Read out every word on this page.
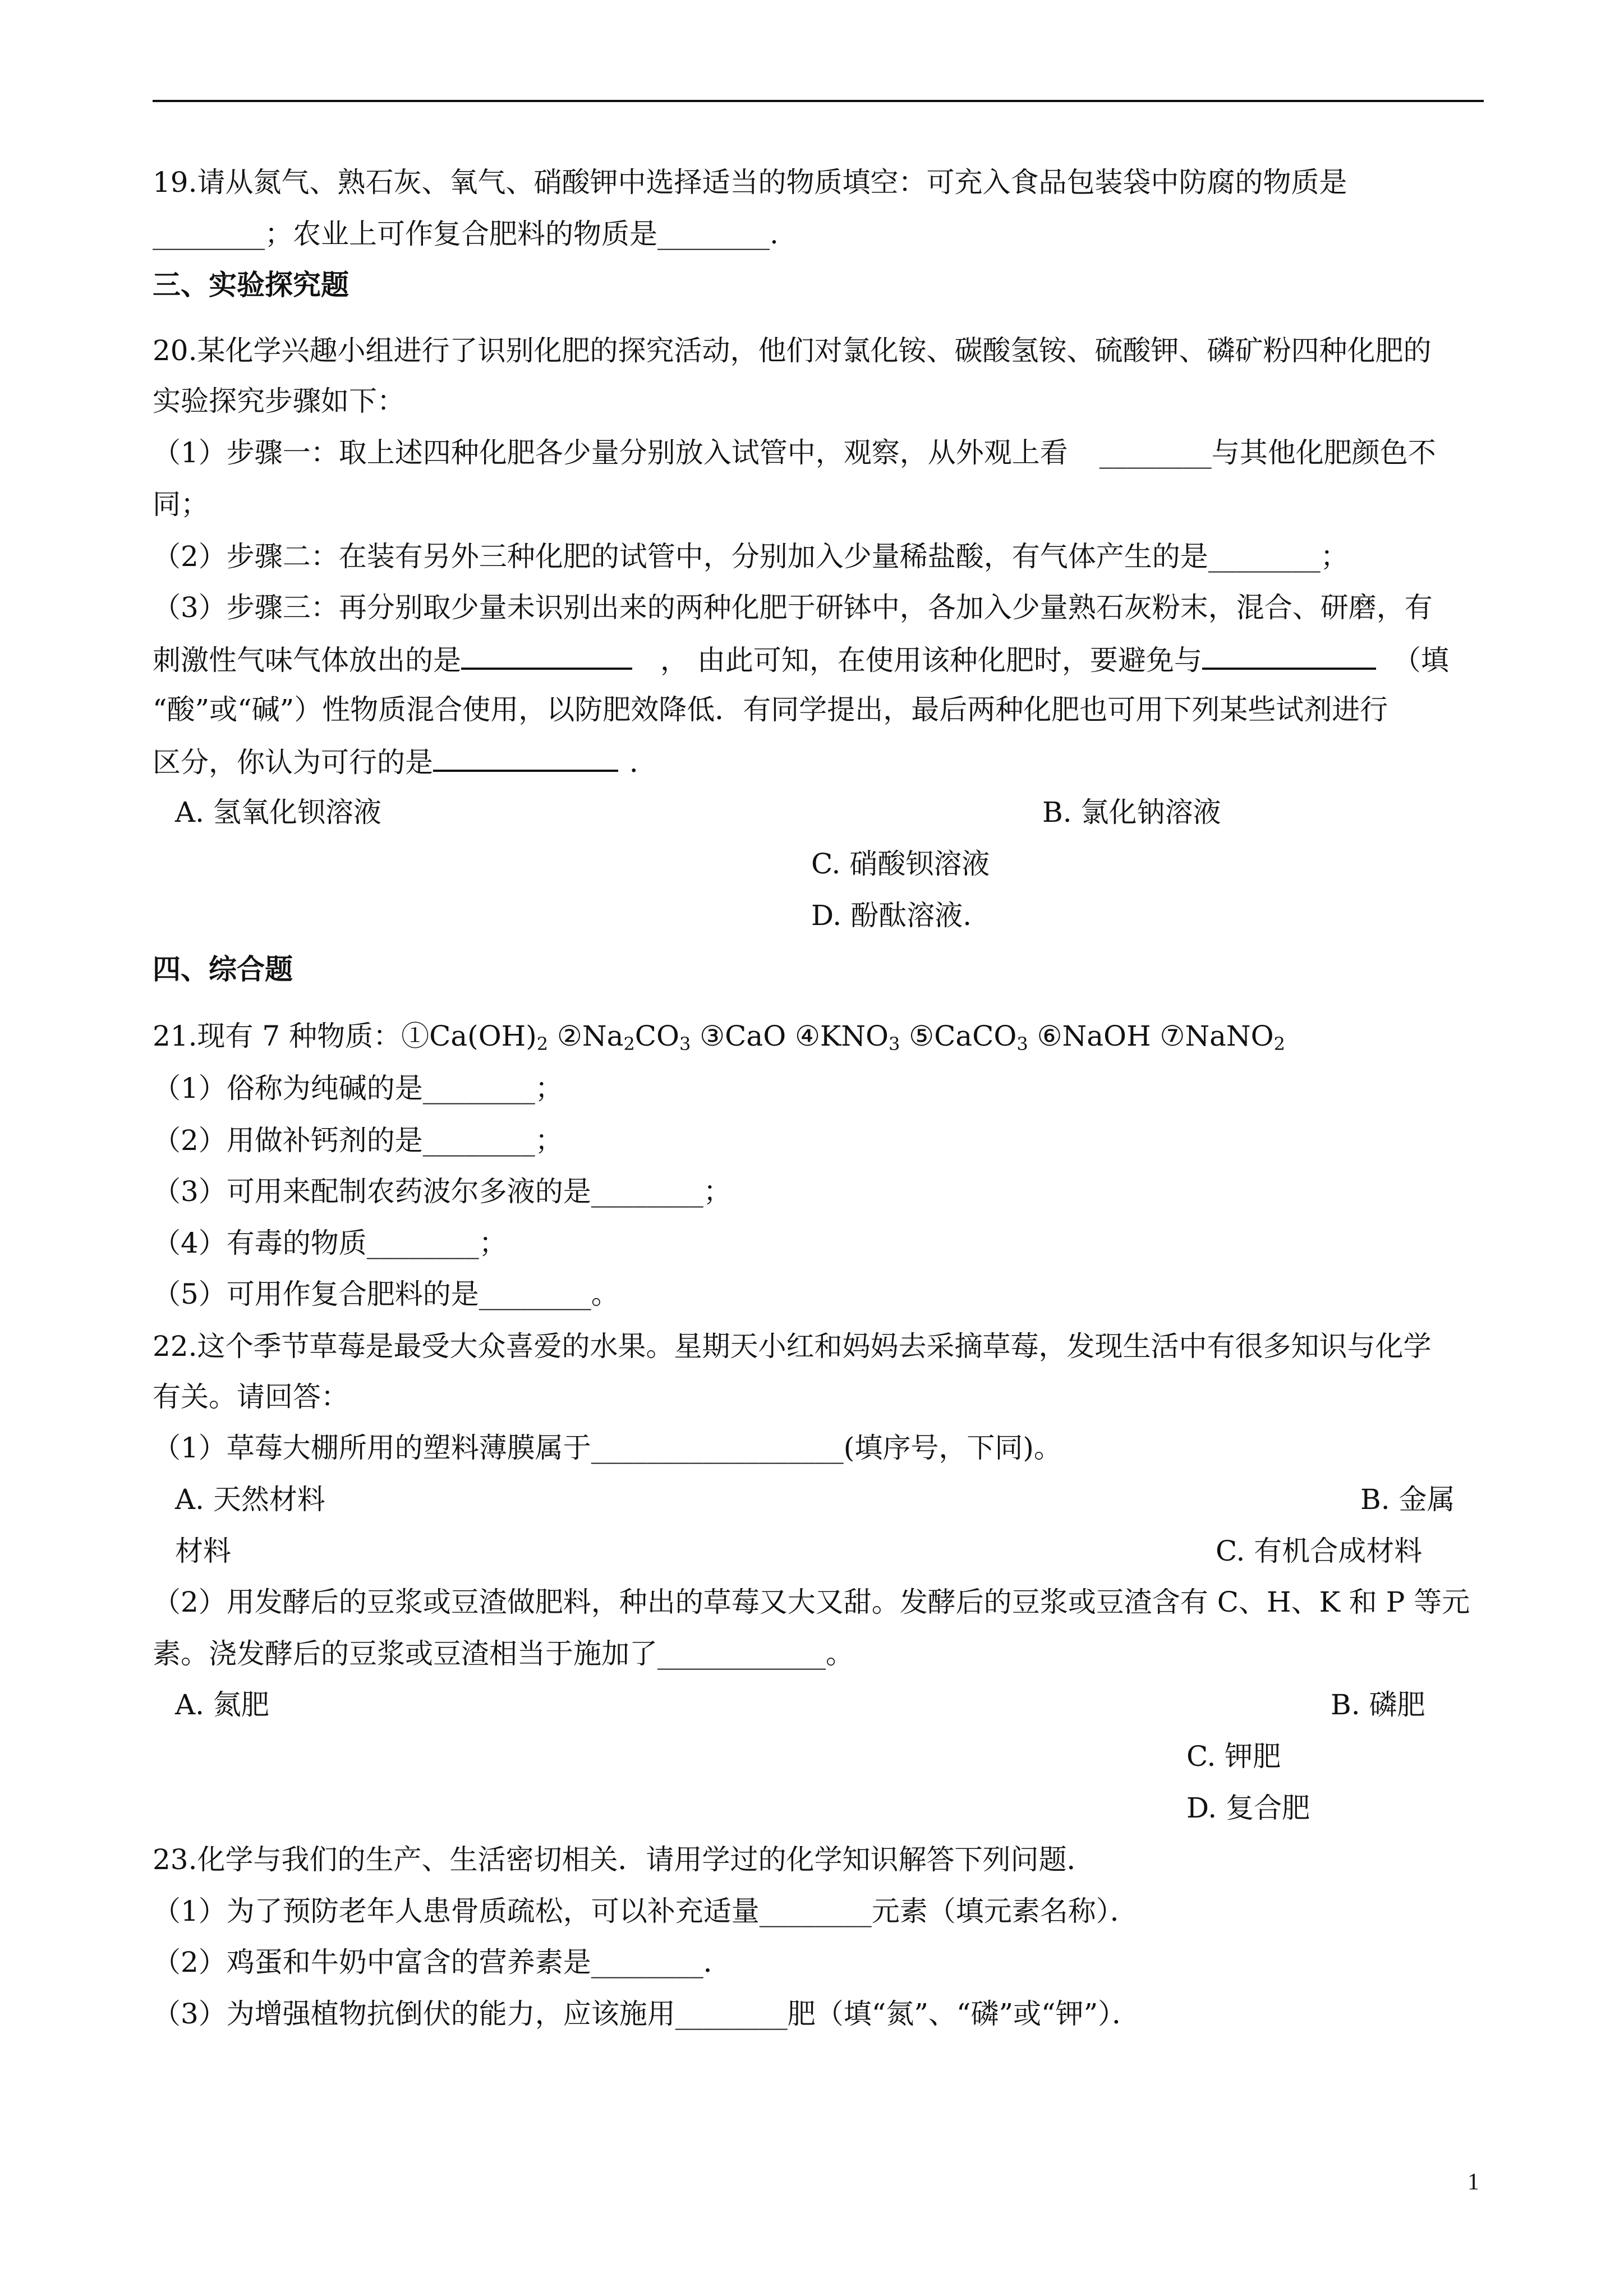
19.请从氮气、熟石灰、氧气、硝酸钾中选择适当的物质填空：可充入食品包装袋中防腐的物质是
________；农业上可作复合肥料的物质是________.
三、实验探究题
20.某化学兴趣小组进行了识别化肥的探究活动，他们对氯化铵、碳酸氢铵、硫酸钾、磷矿粉四种化肥的
实验探究步骤如下：
（1）步骤一：取上述四种化肥各少量分别放入试管中，观察，从外观上看 ________与其他化肥颜色不
同；
（2）步骤二：在装有另外三种化肥的试管中，分别加入少量稀盐酸，有气体产生的是________；
（3）步骤三：再分别取少量未识别出来的两种化肥于研钵中，各加入少量熟石灰粉末，混合、研磨，有
刺激性气味气体放出的是	， 由此可知，在使用该种化肥时，要避免与	（填
“酸”或“碱”）性物质混合使用，以防肥效降低．有同学提出，最后两种化肥也可用下列某些试剂进行
区分，你认为可行的是	．
A. 氢氧化钡溶液	B. 氯化钠溶液
C. 硝酸钡溶液
D. 酚酞溶液.
四、综合题
21.现有 7 种物质：$①Ca(OH)_2$ $②Na_2CO_3$ ③CaO $④KNO_3$ ⑤CaCO$_3$ ⑥NaOH ⑦NaNO$_2$
（1）俗称为纯碱的是________；
（2）用做补钙剂的是________；
（3）可用来配制农药波尔多液的是________；
（4）有毒的物质________；
（5）可用作复合肥料的是________。
22.这个季节草莓是最受大众喜爱的水果。星期天小红和妈妈去采摘草莓，发现生活中有很多知识与化学
有关。请回答：
（1）草莓大棚所用的塑料薄膜属于__________________(填序号，下同)。
A. 天然材料	B. 金属
材料	C. 有机合成材料
（2）用发酵后的豆浆或豆渣做肥料，种出的草莓又大又甜。发酵后的豆浆或豆渣含有 C、H、K 和 P 等元
素。浇发酵后的豆浆或豆渣相当于施加了____________。
A. 氮肥	B. 磷肥
C. 钾肥
D. 复合肥
23.化学与我们的生产、生活密切相关．请用学过的化学知识解答下列问题．
（1）为了预防老年人患骨质疏松，可以补充适量________元素（填元素名称）．
（2）鸡蛋和牛奶中富含的营养素是________．
（3）为增强植物抗倒伏的能力，应该施用________肥（填“氮”、“磷”或“钾”）．
1
